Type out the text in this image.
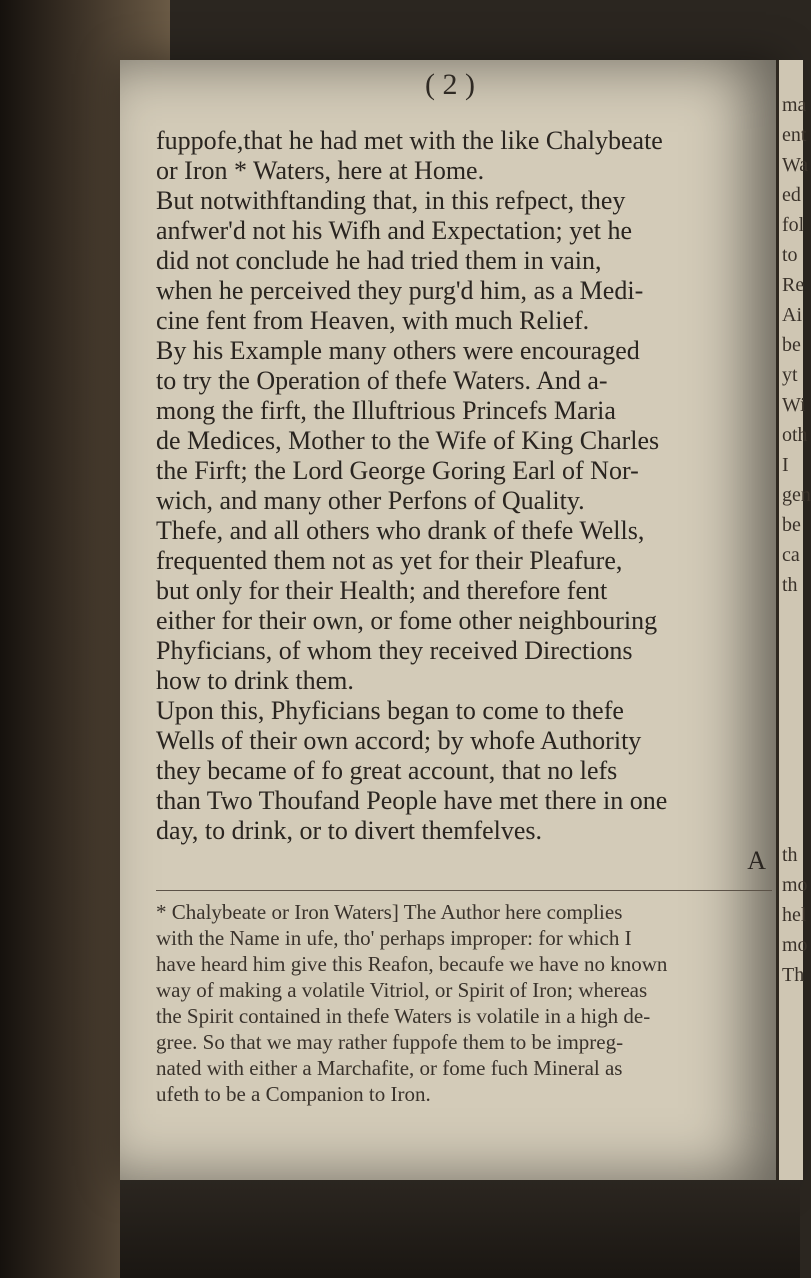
( 2 )
fuppofe,that he had met with the like Chalybeate
or Iron * Waters, here at Home.
But notwithftanding that, in this refpect, they
anfwer'd not his Wifh and Expectation; yet he
did not conclude he had tried them in vain,
when he perceived they purg'd him, as a Medi-
cine fent from Heaven, with much Relief.
By his Example many others were encouraged
to try the Operation of thefe Waters. And a-
mong the firft, the Illuftrious Princefs Maria
de Medices, Mother to the Wife of King Charles
the Firft; the Lord George Goring Earl of Nor-
wich, and many other Perfons of Quality.
Thefe, and all others who drank of thefe Wells,
frequented them not as yet for their Pleafure,
but only for their Health; and therefore fent
either for their own, or fome other neighbouring
Phyficians, of whom they received Directions
how to drink them.
Upon this, Phyficians began to come to thefe
Wells of their own accord; by whofe Authority
they became of fo great account, that no lefs
than Two Thoufand People have met there in one
day, to drink, or to divert themfelves.
A
* Chalybeate or Iron Waters] The Author here complies
with the Name in ufe, tho' perhaps improper: for which I
have heard him give this Reafon, becaufe we have no known
way of making a volatile Vitriol, or Spirit of Iron; whereas
the Spirit contained in thefe Waters is volatile in a high de-
gree. So that we may rather fuppofe them to be impreg-
nated with either a Marchafite, or fome fuch Mineral as
ufeth to be a Companion to Iron.
ma
ent
Wa
ed
fol
to
Re
Ai
be
yt
Wi
oth
I
gen
be
ca
th
th
mo
hel
mo
Th
